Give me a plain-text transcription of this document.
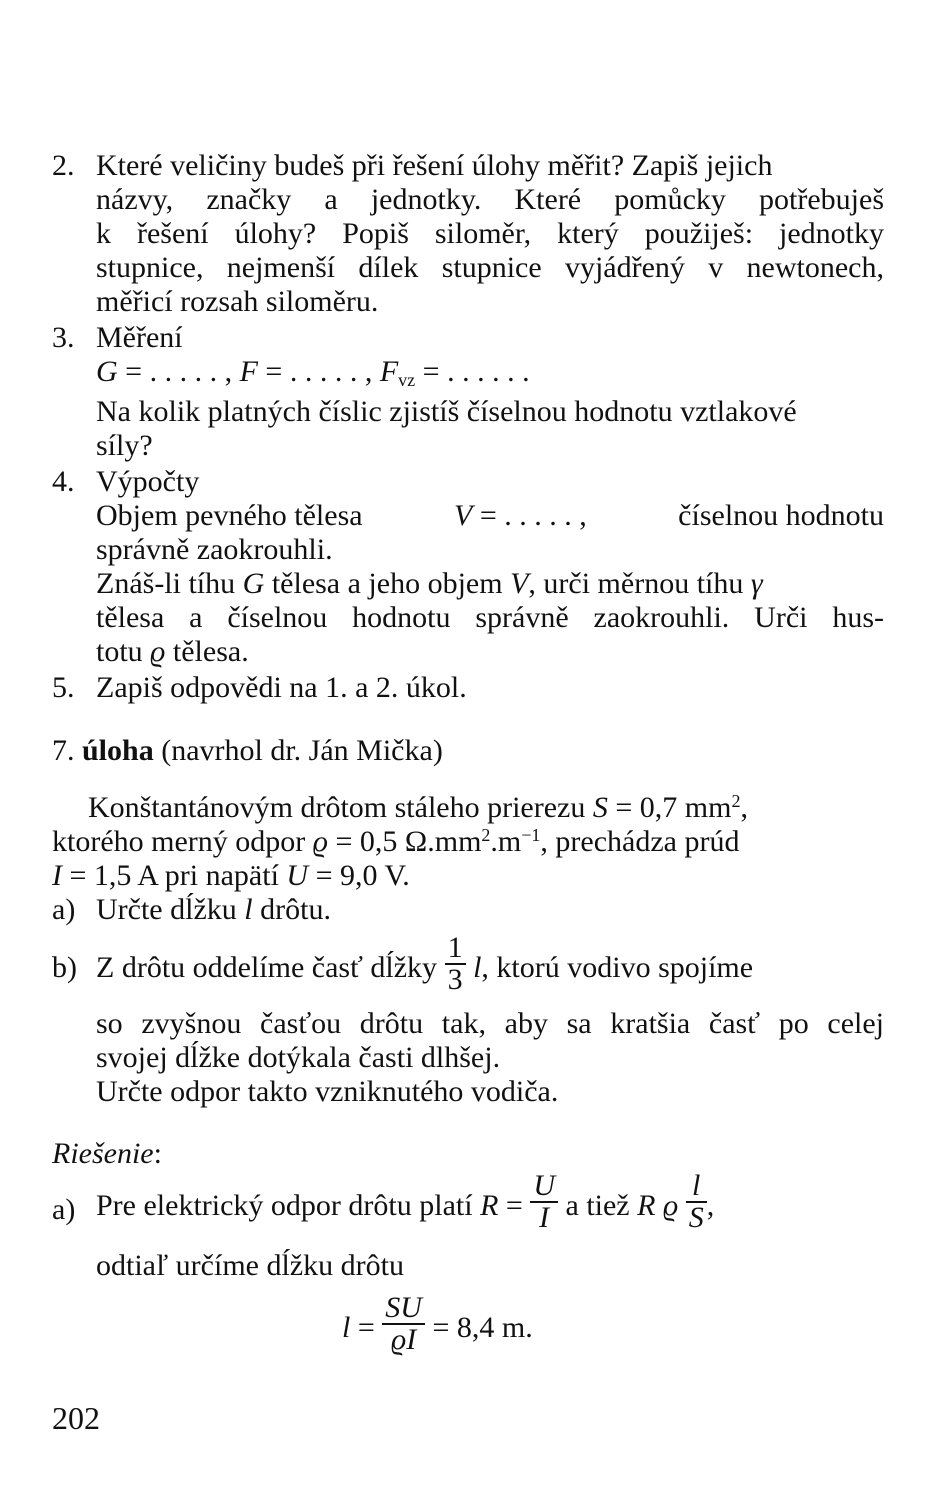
2. Které veličiny budeš při řešení úlohy měřit? Zapiš jejich
názvy, značky a jednotky. Které pomůcky potřebuješ
k řešení úlohy? Popiš siloměr, který použiješ: jednotky
stupnice, nejmenší dílek stupnice vyjádřený v newtonech,
měřicí rozsah siloměru.
3. Měření
G = . . . . . , F = . . . . . , $F_{vz}$ = . . . . . .
Na kolik platných číslic zjistíš číselnou hodnotu vztlakové
síly?
4. Výpočty
Objem pevného tělesa	V = . . . . . ,	číselnou hodnotu
správně zaokrouhli.
Znáš-li tíhu G tělesa a jeho objem V, urči měrnou tíhu γ
tělesa a číselnou hodnotu správně zaokrouhli. Urči hus-
totu ϱ tělesa.
5. Zapiš odpovědi na 1. a 2. úkol.
7. úloha (navrhol dr. Ján Mička)
Konštantánovým drôtom stáleho prierezu S = 0,7 $mm^2$,
ktorého merný odpor ϱ = 0,5 $\Omega.mm^2.m^{-1}$, prechádza prúd
I = 1,5 A pri napätí U = 9,0 V.
a) Určte dĺžku l drôtu.
b) Z drôtu oddelíme časť dĺžky $\frac{1}{3} l$, ktorú vodivo spojíme
so zvyšnou časťou drôtu tak, aby sa kratšia časť po celej
svojej dĺžke dotýkala časti dlhšej.
Určte odpor takto vzniknutého vodiča.
Riešenie:
a) Pre elektrický odpor drôtu platí $R = \frac{U}{I}$ a tiež R ϱ $\frac{l}{S}$ ,
odtiaľ určíme dĺžku drôtu
$l = \frac{SU}{ϱI} = 8,4$ m.
202
